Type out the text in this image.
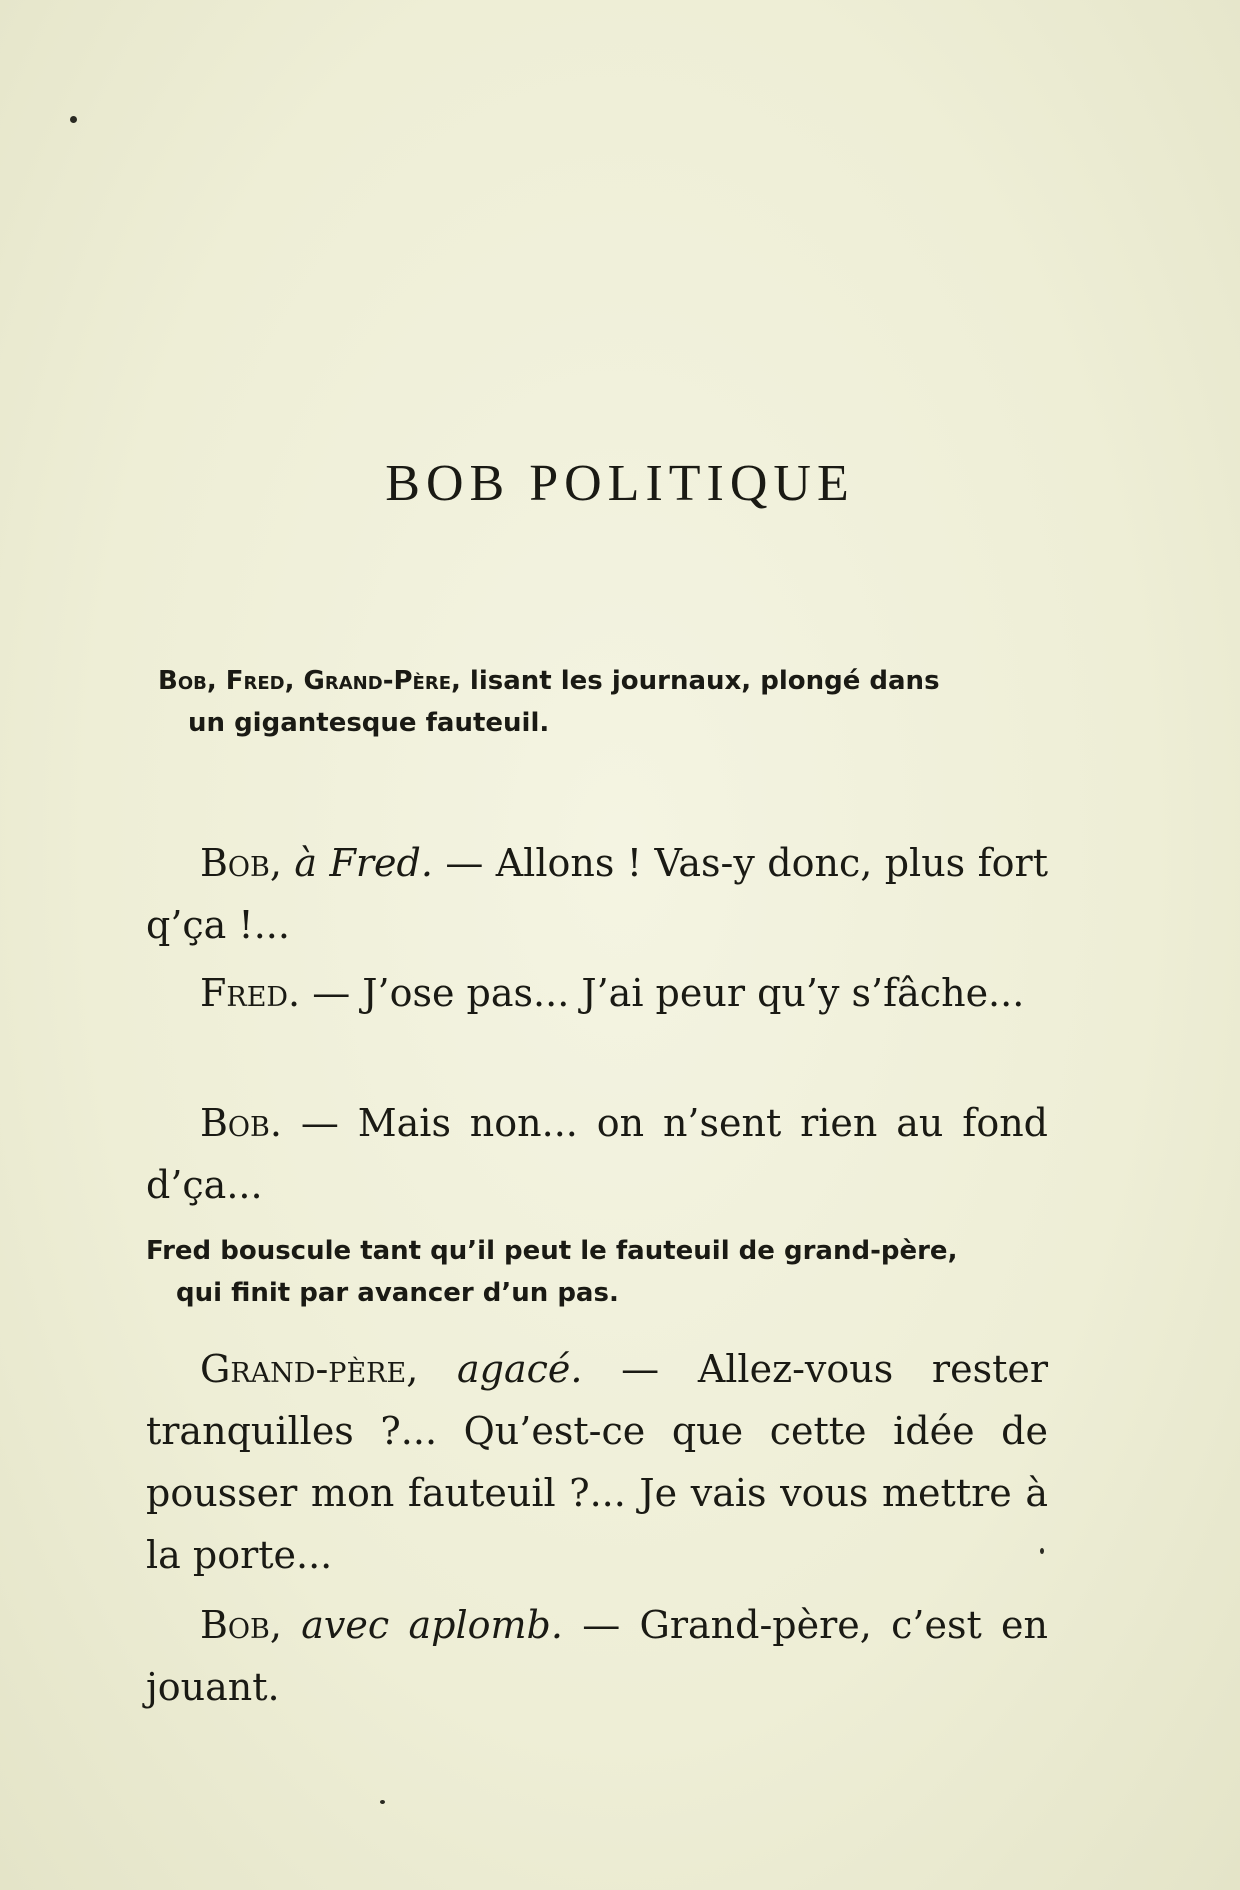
BOB POLITIQUE
Bob, Fred, Grand-Père, lisant les journaux, plongé dans
un gigantesque fauteuil.

Bob, à Fred. — Allons ! Vas-y donc, plus fort q’ça !...

Fred. — J’ose pas... J’ai peur qu’y s’fâche...

Bob. — Mais non... on n’sent rien au fond d’ça...

Fred bouscule tant qu’il peut le fauteuil de grand-père,
qui finit par avancer d’un pas.

Grand-père, agacé. — Allez-vous rester tranquilles ?... Qu’est-ce que cette idée de pousser mon fauteuil ?... Je vais vous mettre à la porte...

Bob, avec aplomb. — Grand-père, c’est en jouant.
